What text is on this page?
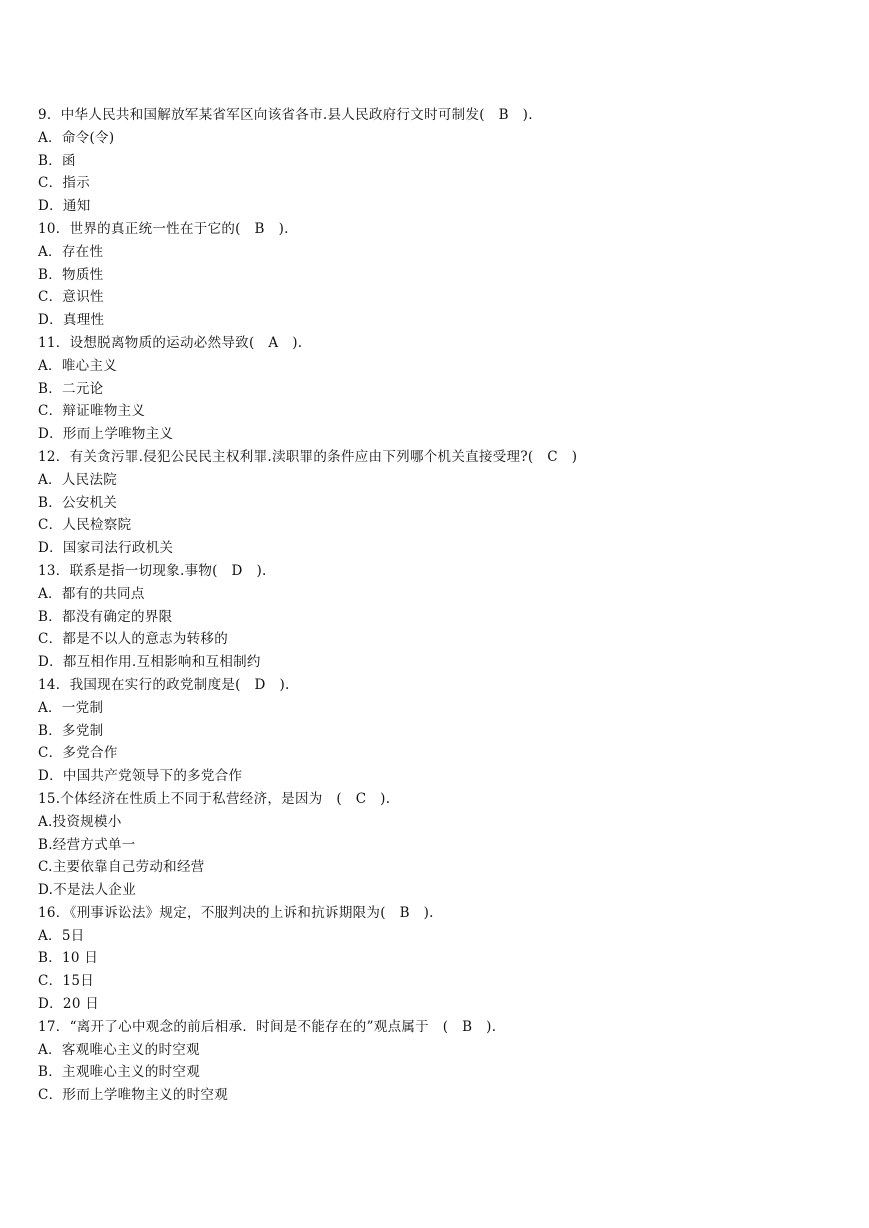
9．中华人民共和国解放军某省军区向该省各市.县人民政府行文时可制发(　B　).
A．命令(令)
B．函
C．指示
D．通知
10．世界的真正统一性在于它的(　B　).
A．存在性
B．物质性
C．意识性
D．真理性
11．设想脱离物质的运动必然导致(　A　).
A．唯心主义
B．二元论
C．辩证唯物主义
D．形而上学唯物主义
12．有关贪污罪.侵犯公民民主权利罪.渎职罪的条件应由下列哪个机关直接受理?(　C　)
A．人民法院
B．公安机关
C．人民检察院
D．国家司法行政机关
13．联系是指一切现象.事物(　D　).
A．都有的共同点
B．都没有确定的界限
C．都是不以人的意志为转移的
D．都互相作用.互相影响和互相制约
14．我国现在实行的政党制度是(　D　).
A．一党制
B．多党制
C．多党合作
D．中国共产党领导下的多党合作
15.个体经济在性质上不同于私营经济，是因为　(　C　).
A.投资规模小
B.经营方式单一
C.主要依靠自己劳动和经营
D.不是法人企业
16．《刑事诉讼法》规定，不服判决的上诉和抗诉期限为(　B　).
A．5日
B．10 日
C．15日
D．20 日
17．“离开了心中观念的前后相承．时间是不能存在的”观点属于　(　B　).
A．客观唯心主义的时空观
B．主观唯心主义的时空观
C．形而上学唯物主义的时空观
